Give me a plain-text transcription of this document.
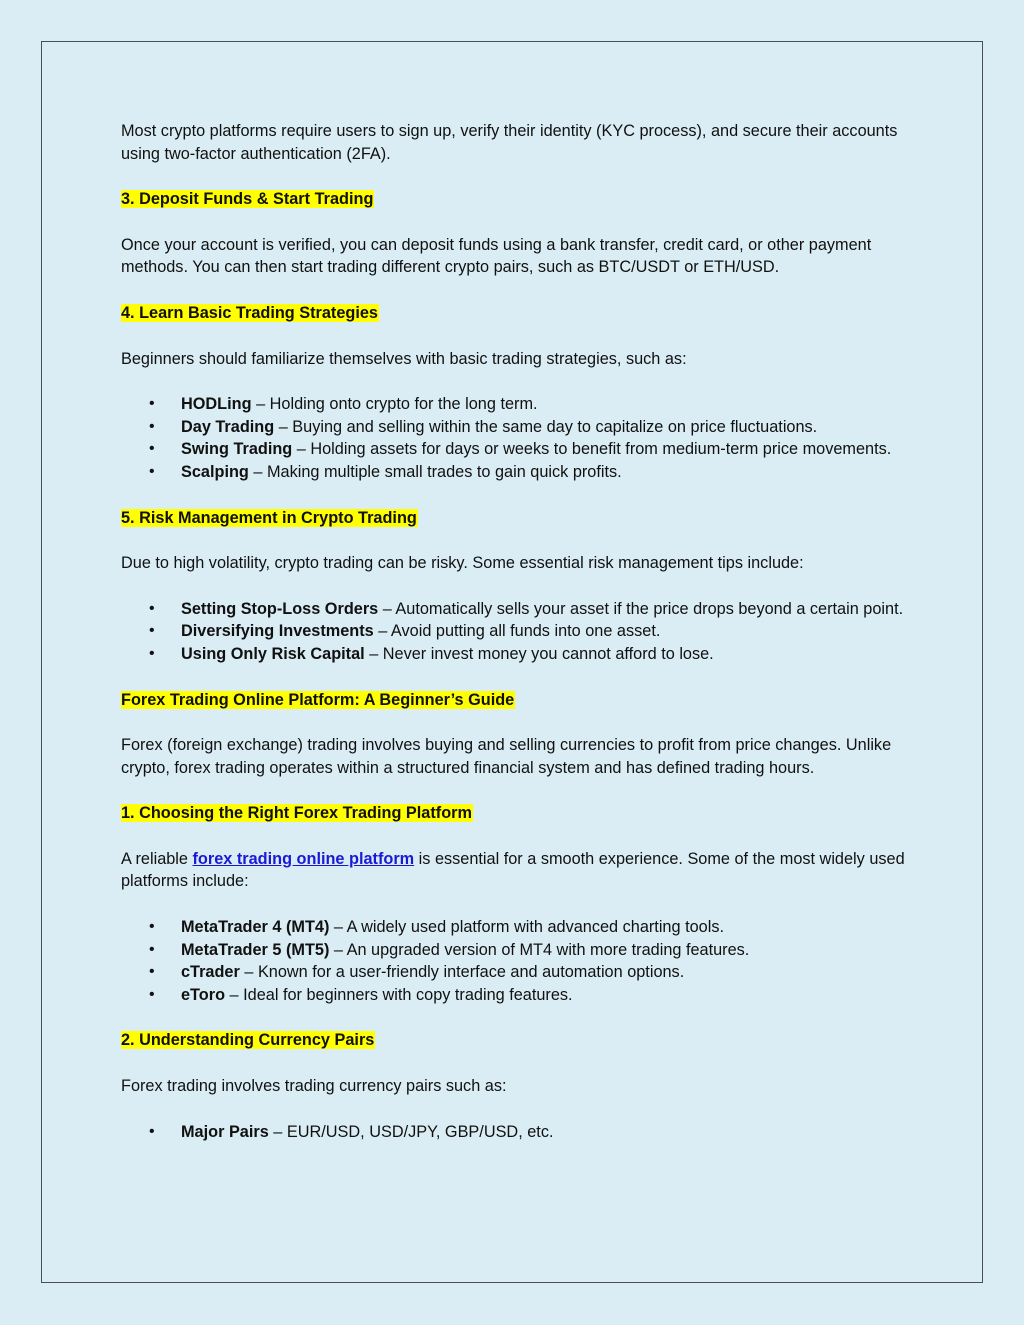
Most crypto platforms require users to sign up, verify their identity (KYC process), and secure their accounts using two-factor authentication (2FA).

3. Deposit Funds & Start Trading

Once your account is verified, you can deposit funds using a bank transfer, credit card, or other payment methods. You can then start trading different crypto pairs, such as BTC/USDT or ETH/USD.

4. Learn Basic Trading Strategies

Beginners should familiarize themselves with basic trading strategies, such as:

• HODLing – Holding onto crypto for the long term.
• Day Trading – Buying and selling within the same day to capitalize on price fluctuations.
• Swing Trading – Holding assets for days or weeks to benefit from medium-term price movements.
• Scalping – Making multiple small trades to gain quick profits.

5. Risk Management in Crypto Trading

Due to high volatility, crypto trading can be risky. Some essential risk management tips include:

• Setting Stop-Loss Orders – Automatically sells your asset if the price drops beyond a certain point.
• Diversifying Investments – Avoid putting all funds into one asset.
• Using Only Risk Capital – Never invest money you cannot afford to lose.

Forex Trading Online Platform: A Beginner’s Guide

Forex (foreign exchange) trading involves buying and selling currencies to profit from price changes. Unlike crypto, forex trading operates within a structured financial system and has defined trading hours.

1. Choosing the Right Forex Trading Platform

A reliable forex trading online platform is essential for a smooth experience. Some of the most widely used platforms include:

• MetaTrader 4 (MT4) – A widely used platform with advanced charting tools.
• MetaTrader 5 (MT5) – An upgraded version of MT4 with more trading features.
• cTrader – Known for a user-friendly interface and automation options.
• eToro – Ideal for beginners with copy trading features.

2. Understanding Currency Pairs

Forex trading involves trading currency pairs such as:

• Major Pairs – EUR/USD, USD/JPY, GBP/USD, etc.
